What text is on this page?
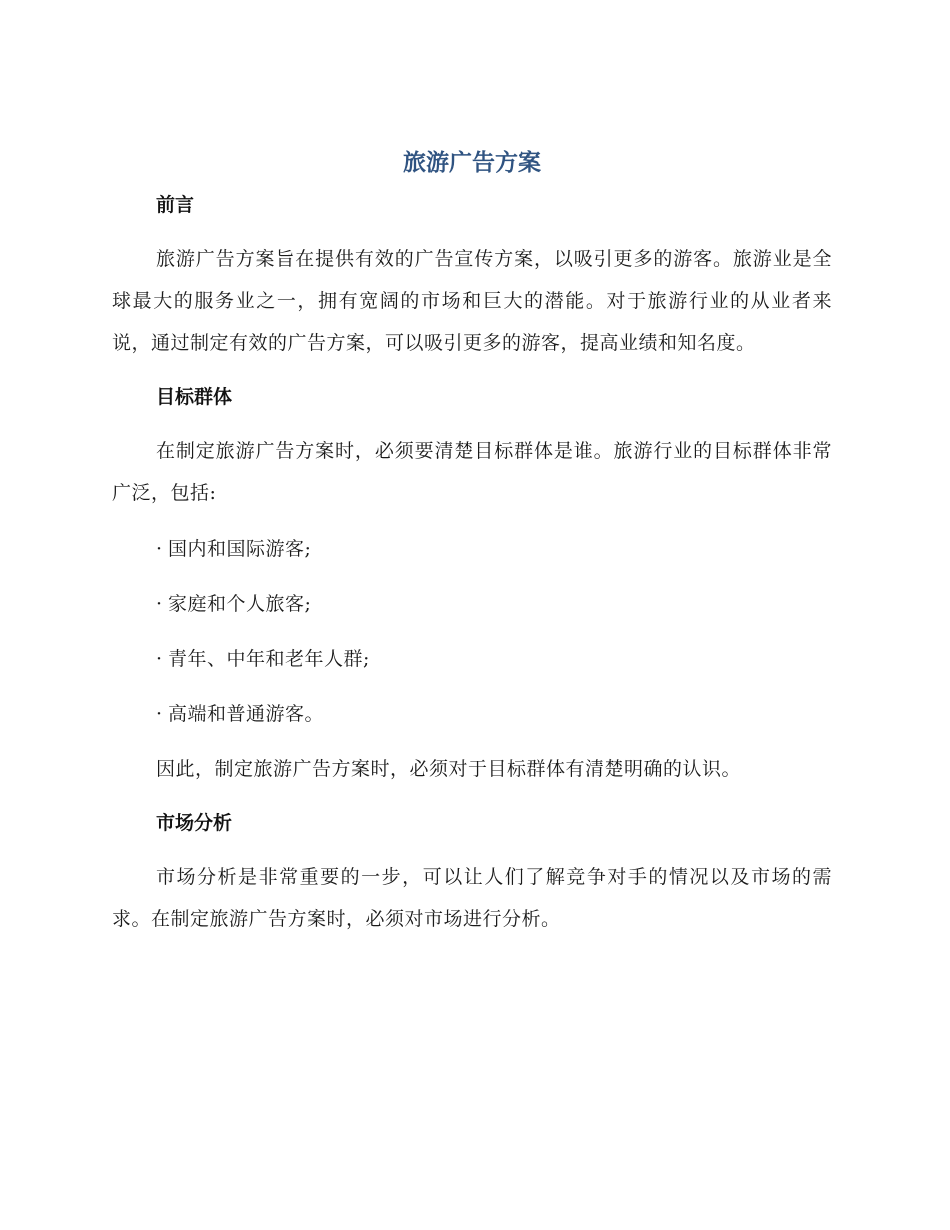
旅游广告方案
前言

旅游广告方案旨在提供有效的广告宣传方案，以吸引更多的游客。旅游业是全球最大的服务业之一，拥有宽阔的市场和巨大的潜能。对于旅游行业的从业者来说，通过制定有效的广告方案，可以吸引更多的游客，提高业绩和知名度。

目标群体

在制定旅游广告方案时，必须要清楚目标群体是谁。旅游行业的目标群体非常广泛，包括:

· 国内和国际游客;
· 家庭和个人旅客;
· 青年、中年和老年人群;
· 高端和普通游客。

因此，制定旅游广告方案时，必须对于目标群体有清楚明确的认识。

市场分析

市场分析是非常重要的一步，可以让人们了解竞争对手的情况以及市场的需求。在制定旅游广告方案时，必须对市场进行分析。
